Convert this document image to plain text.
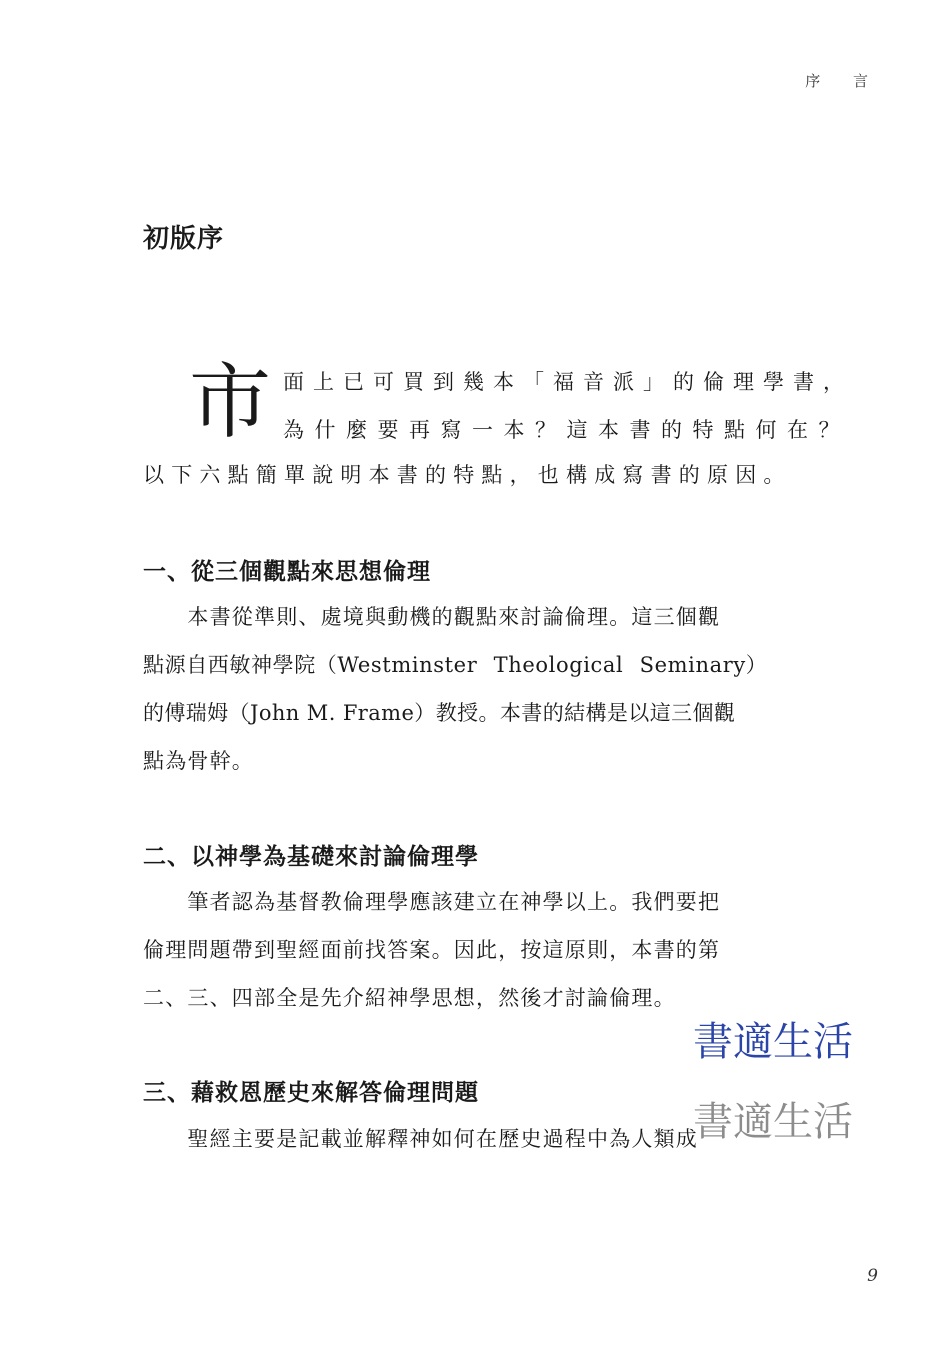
序 言
初版序
市 面上已可買到幾本「福音派」的倫理學書，
為什麼要再寫一本？這本書的特點何在？
以下六點簡單說明本書的特點，也構成寫書的原因。
一、從三個觀點來思想倫理
　　本書從準則、處境與動機的觀點來討論倫理。這三個觀
點源自西敏神學院（Westminster Theological Seminary）
的傅瑞姆（John M. Frame）教授。本書的結構是以這三個觀
點為骨幹。
二、以神學為基礎來討論倫理學
　　筆者認為基督教倫理學應該建立在神學以上。我們要把
倫理問題帶到聖經面前找答案。因此，按這原則，本書的第
二、三、四部全是先介紹神學思想，然後才討論倫理。
三、藉救恩歷史來解答倫理問題
　　聖經主要是記載並解釋神如何在歷史過程中為人類成
書適生活
書適生活
9
